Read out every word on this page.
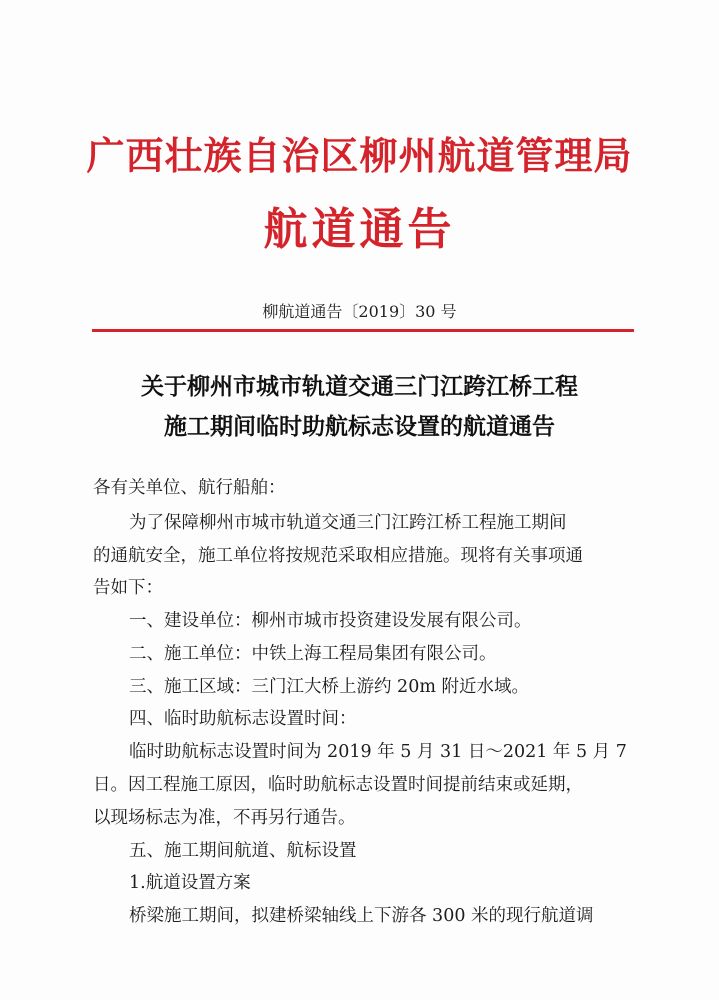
广西壮族自治区柳州航道管理局
航道通告
柳航道通告〔2019〕30 号
关于柳州市城市轨道交通三门江跨江桥工程
施工期间临时助航标志设置的航道通告
各有关单位、航行船舶：
为了保障柳州市城市轨道交通三门江跨江桥工程施工期间
的通航安全，施工单位将按规范采取相应措施。现将有关事项通
告如下：
一、建设单位：柳州市城市投资建设发展有限公司。
二、施工单位：中铁上海工程局集团有限公司。
三、施工区域：三门江大桥上游约 20m 附近水域。
四、临时助航标志设置时间：
临时助航标志设置时间为 2019 年 5 月 31 日～2021 年 5 月 7
日。因工程施工原因，临时助航标志设置时间提前结束或延期，
以现场标志为准，不再另行通告。
五、施工期间航道、航标设置
1.航道设置方案
桥梁施工期间，拟建桥梁轴线上下游各 300 米的现行航道调
